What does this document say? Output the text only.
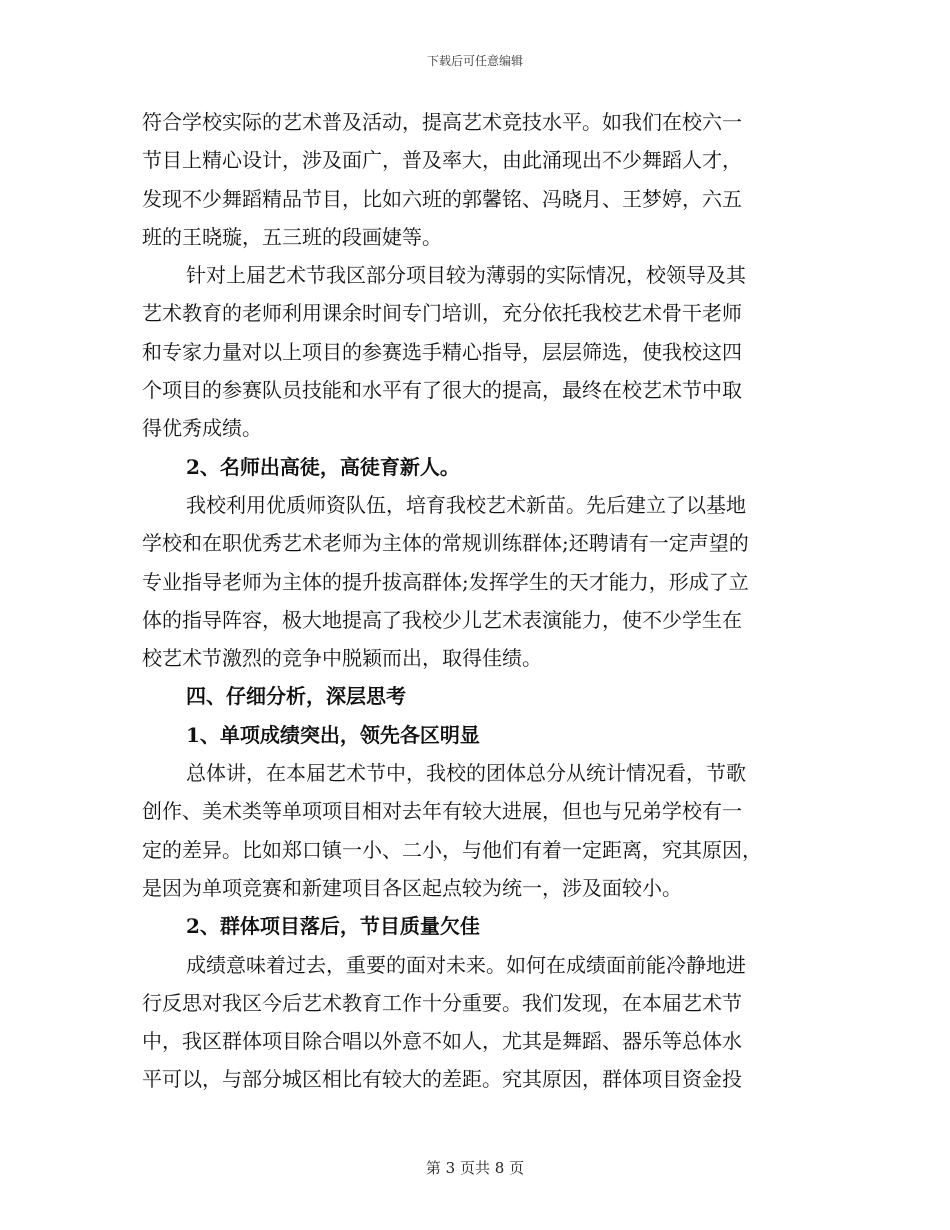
下载后可任意编辑
符合学校实际的艺术普及活动，提高艺术竞技水平。如我们在校六一
节目上精心设计，涉及面广，普及率大，由此涌现出不少舞蹈人才，
发现不少舞蹈精品节目，比如六班的郭馨铭、冯晓月、王梦婷，六五
班的王晓璇，五三班的段画婕等。
针对上届艺术节我区部分项目较为薄弱的实际情况，校领导及其
艺术教育的老师利用课余时间专门培训，充分依托我校艺术骨干老师
和专家力量对以上项目的参赛选手精心指导，层层筛选，使我校这四
个项目的参赛队员技能和水平有了很大的提高，最终在校艺术节中取
得优秀成绩。
2、名师出高徒，高徒育新人。
我校利用优质师资队伍，培育我校艺术新苗。先后建立了以基地
学校和在职优秀艺术老师为主体的常规训练群体;还聘请有一定声望的
专业指导老师为主体的提升拔高群体;发挥学生的天才能力，形成了立
体的指导阵容，极大地提高了我校少儿艺术表演能力，使不少学生在
校艺术节激烈的竞争中脱颖而出，取得佳绩。
四、仔细分析，深层思考
1、单项成绩突出，领先各区明显
总体讲，在本届艺术节中，我校的团体总分从统计情况看，节歌
创作、美术类等单项项目相对去年有较大进展，但也与兄弟学校有一
定的差异。比如郑口镇一小、二小，与他们有着一定距离，究其原因，
是因为单项竞赛和新建项目各区起点较为统一，涉及面较小。
2、群体项目落后，节目质量欠佳
成绩意味着过去，重要的面对未来。如何在成绩面前能冷静地进
行反思对我区今后艺术教育工作十分重要。我们发现，在本届艺术节
中，我区群体项目除合唱以外意不如人，尤其是舞蹈、器乐等总体水
平可以，与部分城区相比有较大的差距。究其原因，群体项目资金投
第 3 页共 8 页
